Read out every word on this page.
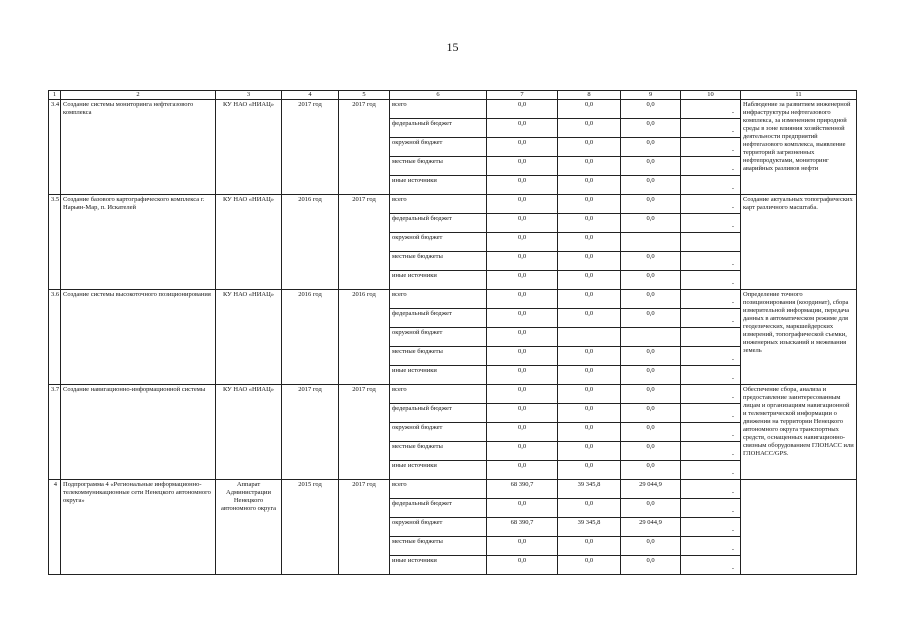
15
1	2	3	4	5	6	7	8	9	10	11
3.4	Создание системы мониторинга нефтегазового комплекса	КУ НАО «НИАЦ»	2017 год	2017 год	всего	0,0	0,0	0,0	-	Наблюдение за развитием инженерной инфраструктуры нефтегазового комплекса, за изменением природной среды в зоне влияния хозяйственной деятельности предприятий нефтегазового комплекса, выявление территорий загрязненных нефтепродуктами, мониторинг аварийных разливов нефти
					федеральный бюджет	0,0	0,0	0,0	-	
					окружной бюджет	0,0	0,0	0,0	-	
					местные бюджеты	0,0	0,0	0,0	-	
					иные источники	0,0	0,0	0,0	-	
3.5	Создание базового картографического комплекса г. Нарьян-Мар, п. Искателей	КУ НАО «НИАЦ»	2016 год	2017 год	всего	0,0	0,0	0,0	-	Создание актуальных топографических карт различного масштаба.
					федеральный бюджет	0,0	0,0	0,0	-	
					окружной бюджет	0,0	0,0			
					местные бюджеты	0,0	0,0	0,0	-	
					иные источники	0,0	0,0	0,0	-	
3.6	Создание системы высокоточного позиционирования	КУ НАО «НИАЦ»	2016 год	2016 год	всего	0,0	0,0	0,0	-	Определение точного позиционирования (координат), сбора измерительной информации, передача данных в автоматическом режиме для геодезических, маркшейдерских измерений, топографической съемки, инженерных изысканий и межевания земель
					федеральный бюджет	0,0	0,0	0,0	-	
					окружной бюджет	0,0				
					местные бюджеты	0,0	0,0	0,0	-	
					иные источники	0,0	0,0	0,0	-	
3.7	Создание навигационно-информационной системы	КУ НАО «НИАЦ»	2017 год	2017 год	всего	0,0	0,0	0,0	-	Обеспечение сбора, анализа и предоставление заинтересованным лицам и организациям навигационной и телеметрической информации о движении на территории Ненецкого автономного округа транспортных средств, оснащенных навигационно-связным оборудованием ГЛОНАСС или ГЛОНАСС/GPS.
					федеральный бюджет	0,0	0,0	0,0	-	
					окружной бюджет	0,0	0,0	0,0	-	
					местные бюджеты	0,0	0,0	0,0	-	
					иные источники	0,0	0,0	0,0	-	
4	Подпрограмма 4 «Региональные информационно-телекоммуникационные сети Ненецкого автономного округа»	Аппарат Администрации Ненецкого автономного округа	2015 год	2017 год	всего	68 390,7	39 345,8	29 044,9	-	
					федеральный бюджет	0,0	0,0	0,0	-	
					окружной бюджет	68 390,7	39 345,8	29 044,9	-	
					местные бюджеты	0,0	0,0	0,0	-	
					иные источники	0,0	0,0	0,0	-	
